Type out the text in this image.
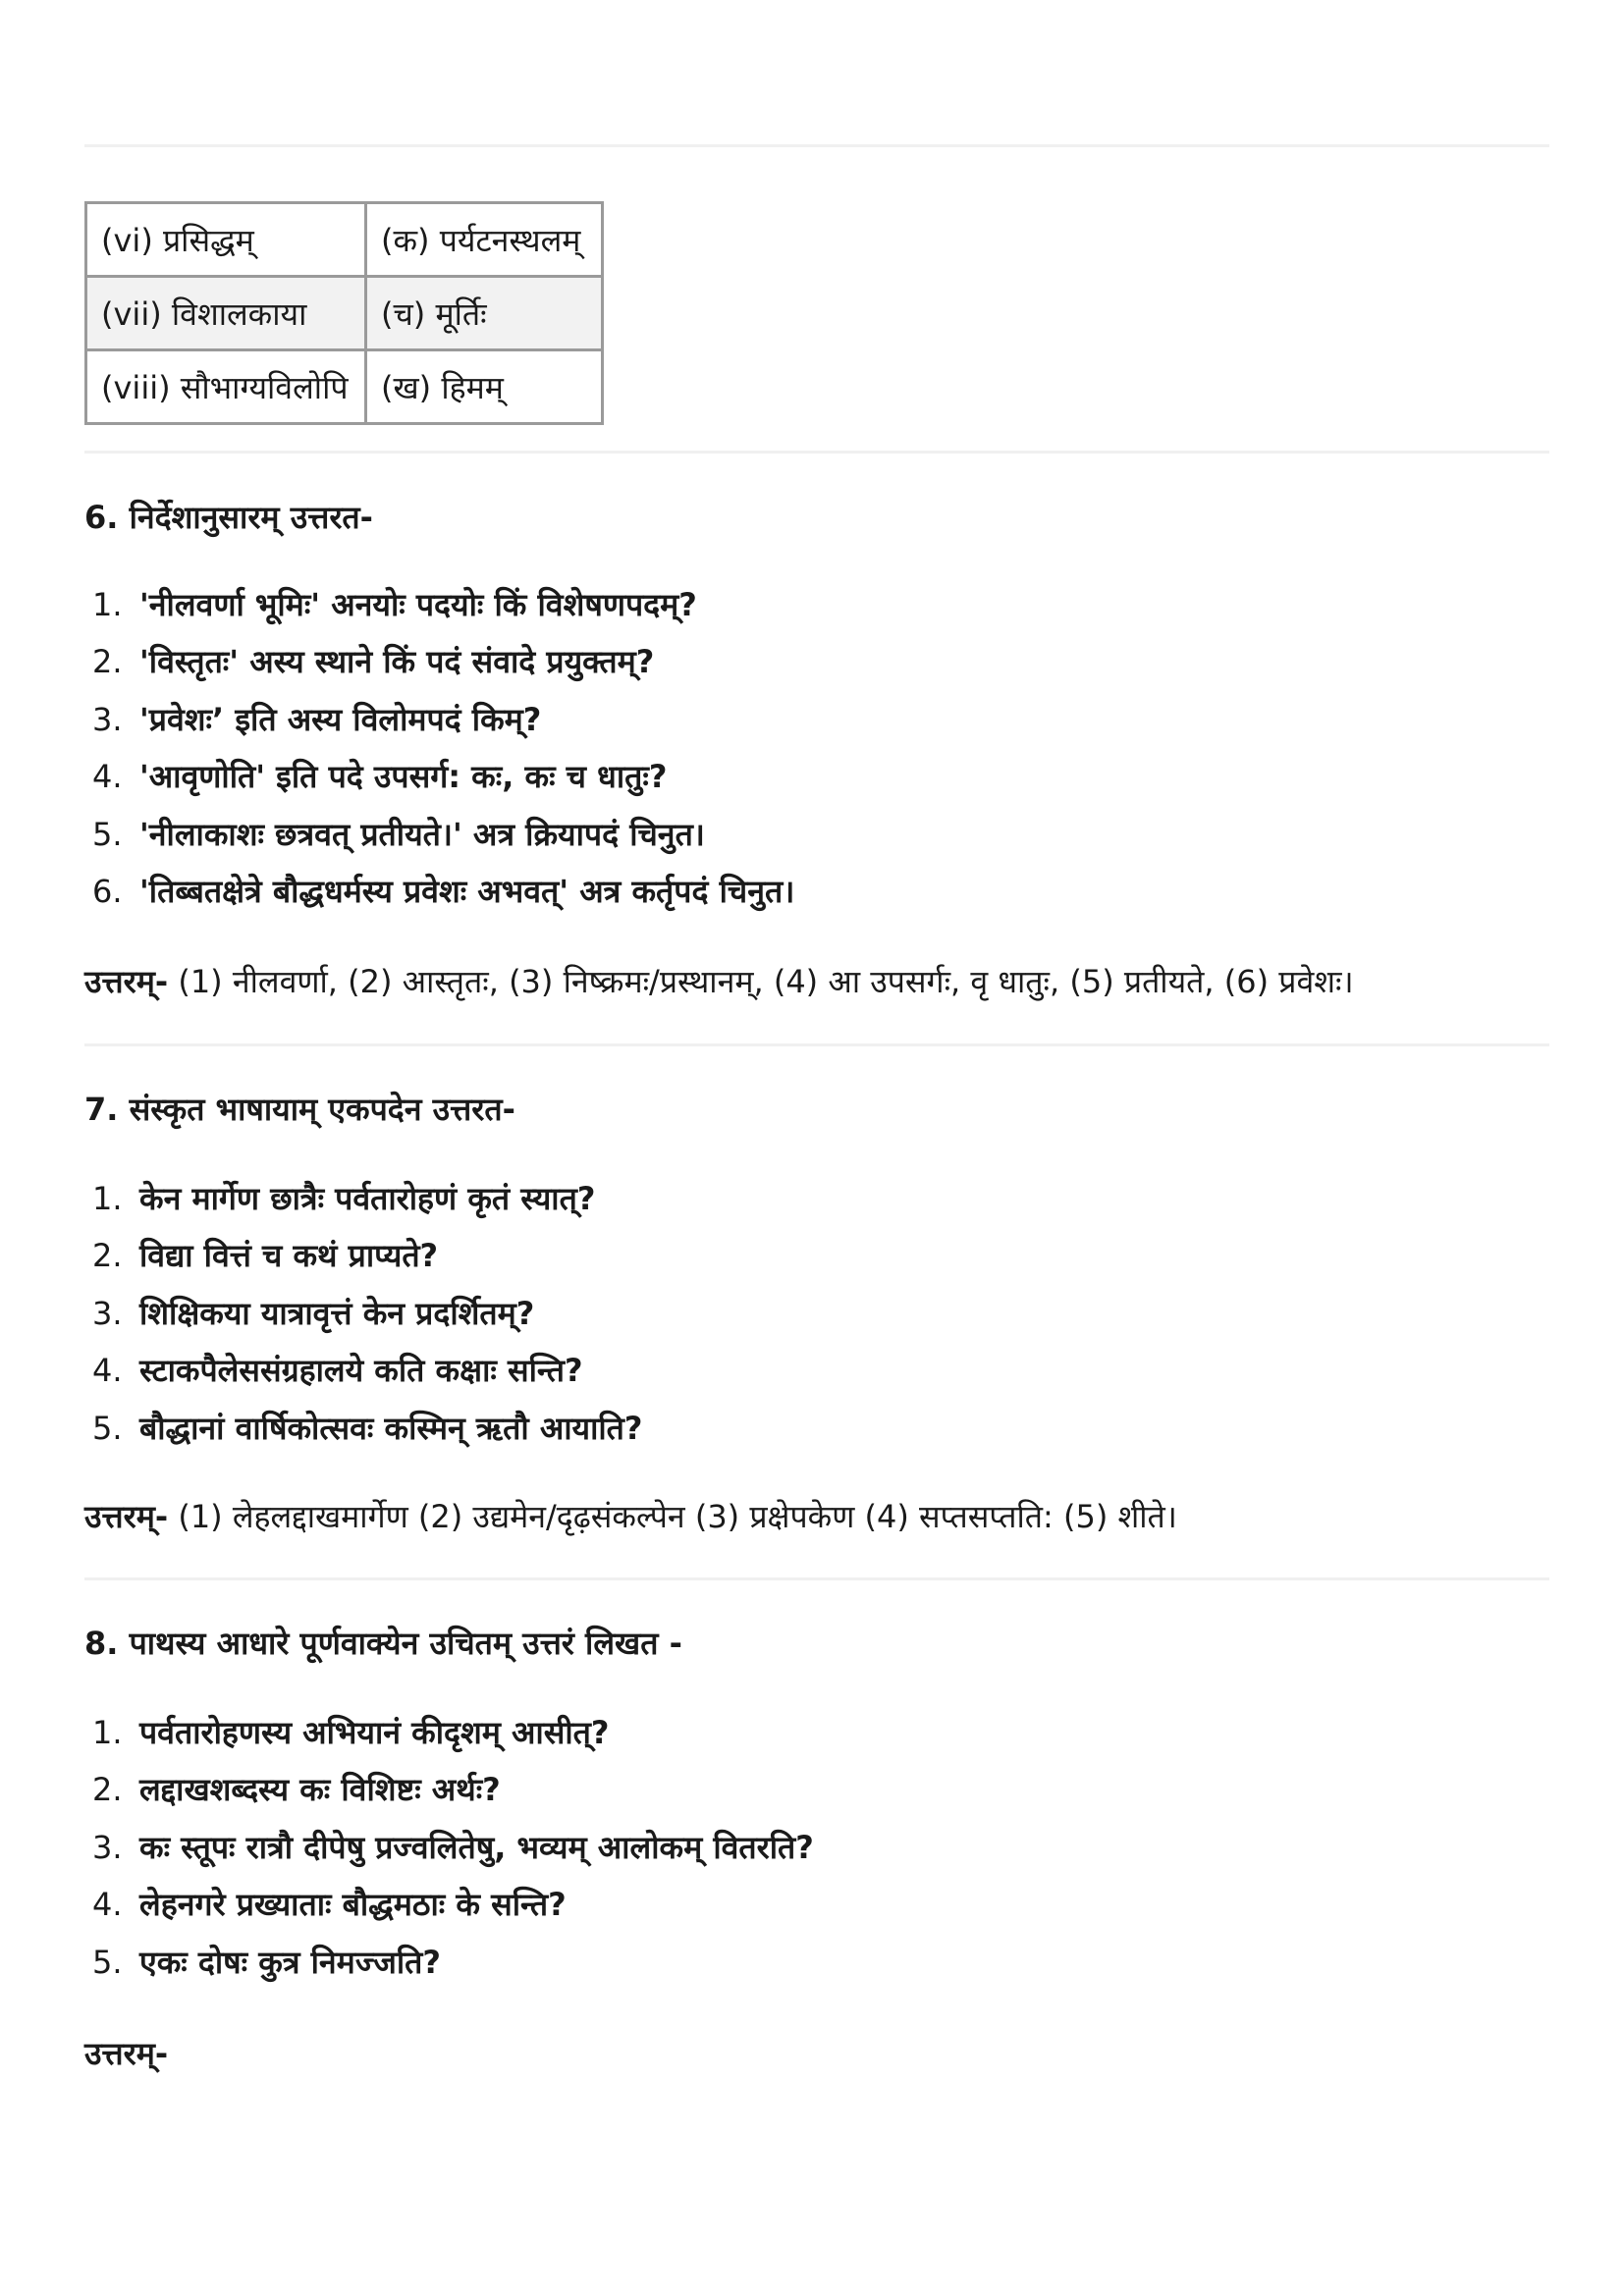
(vi) प्रसिद्धम्	(क) पर्यटनस्थलम्
(vii) विशालकाया	(च) मूर्तिः
(viii) सौभाग्यविलोपि	(ख) हिमम्
6. निर्देशानुसारम् उत्तरत-
1. 'नीलवर्णा भूमिः' अनयोः पदयोः किं विशेषणपदम्?
2. 'विस्तृतः' अस्य स्थाने किं पदं संवादे प्रयुक्तम्?
3. 'प्रवेशः’ इति अस्य विलोमपदं किम्?
4. 'आवृणोति' इति पदे उपसर्ग: कः, कः च धातुः?
5. 'नीलाकाशः छत्रवत् प्रतीयते।' अत्र क्रियापदं चिनुत।
6. 'तिब्बतक्षेत्रे बौद्धधर्मस्य प्रवेशः अभवत्' अत्र कर्तृपदं चिनुत।
उत्तरम्- (1) नीलवर्णा, (2) आस्तृतः, (3) निष्क्रमः/प्रस्थानम्, (4) आ उपसर्गः, वृ धातुः, (5) प्रतीयते, (6) प्रवेशः।
7. संस्कृत भाषायाम् एकपदेन उत्तरत-
1. केन मार्गेण छात्रैः पर्वतारोहणं कृतं स्यात्?
2. विद्या वित्तं च कथं प्राप्यते?
3. शिक्षिकया यात्रावृत्तं केन प्रदर्शितम्?
4. स्टाकपैलेससंग्रहालये कति कक्षाः सन्ति?
5. बौद्धानां वार्षिकोत्सवः कस्मिन् ऋतौ आयाति?
उत्तरम्- (1) लेहलद्दाखमार्गेण (2) उद्यमेन/दृढ़संकल्पेन (3) प्रक्षेपकेण (4) सप्तसप्तति: (5) शीते।
8. पाथस्य आधारे पूर्णवाक्येन उचितम् उत्तरं लिखत -
1. पर्वतारोहणस्य अभियानं कीदृशम् आसीत्?
2. लद्दाखशब्दस्य कः विशिष्टः अर्थः?
3. कः स्तूपः रात्रौ दीपेषु प्रज्वलितेषु, भव्यम् आलोकम् वितरति?
4. लेहनगरे प्रख्याताः बौद्धमठाः के सन्ति?
5. एकः दोषः कुत्र निमज्जति?
उत्तरम्-
